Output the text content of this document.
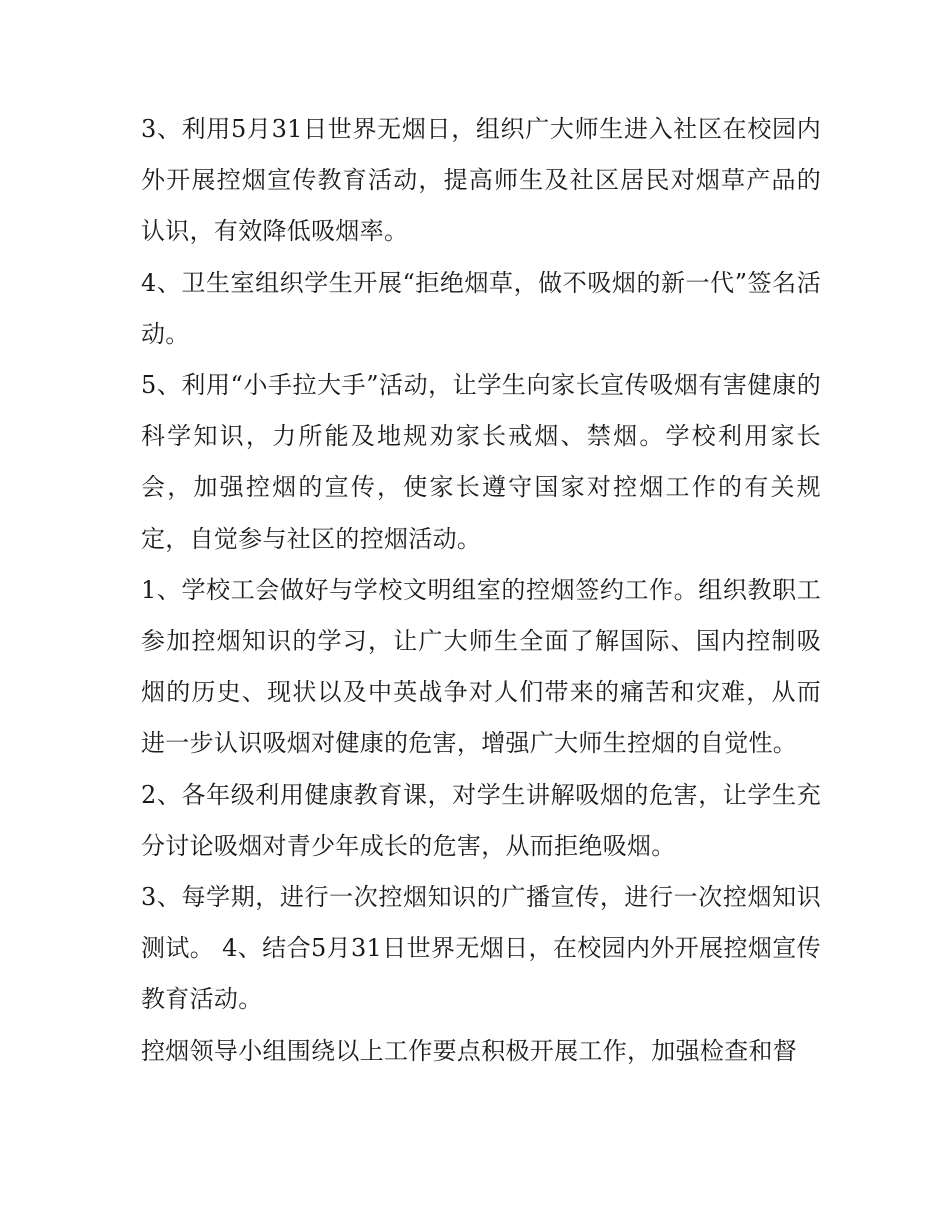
3、利用5月31日世界无烟日，组织广大师生进入社区在校园内外开展控烟宣传教育活动，提高师生及社区居民对烟草产品的认识，有效降低吸烟率。

4、卫生室组织学生开展“拒绝烟草，做不吸烟的新一代”签名活动。

5、利用“小手拉大手”活动，让学生向家长宣传吸烟有害健康的科学知识，力所能及地规劝家长戒烟、禁烟。学校利用家长会，加强控烟的宣传，使家长遵守国家对控烟工作的有关规定，自觉参与社区的控烟活动。

1、学校工会做好与学校文明组室的控烟签约工作。组织教职工参加控烟知识的学习，让广大师生全面了解国际、国内控制吸烟的历史、现状以及中英战争对人们带来的痛苦和灾难，从而进一步认识吸烟对健康的危害，增强广大师生控烟的自觉性。

2、各年级利用健康教育课，对学生讲解吸烟的危害，让学生充分讨论吸烟对青少年成长的危害，从而拒绝吸烟。

3、每学期，进行一次控烟知识的广播宣传，进行一次控烟知识测试。 4、结合5月31日世界无烟日，在校园内外开展控烟宣传教育活动。

控烟领导小组围绕以上工作要点积极开展工作，加强检查和督
